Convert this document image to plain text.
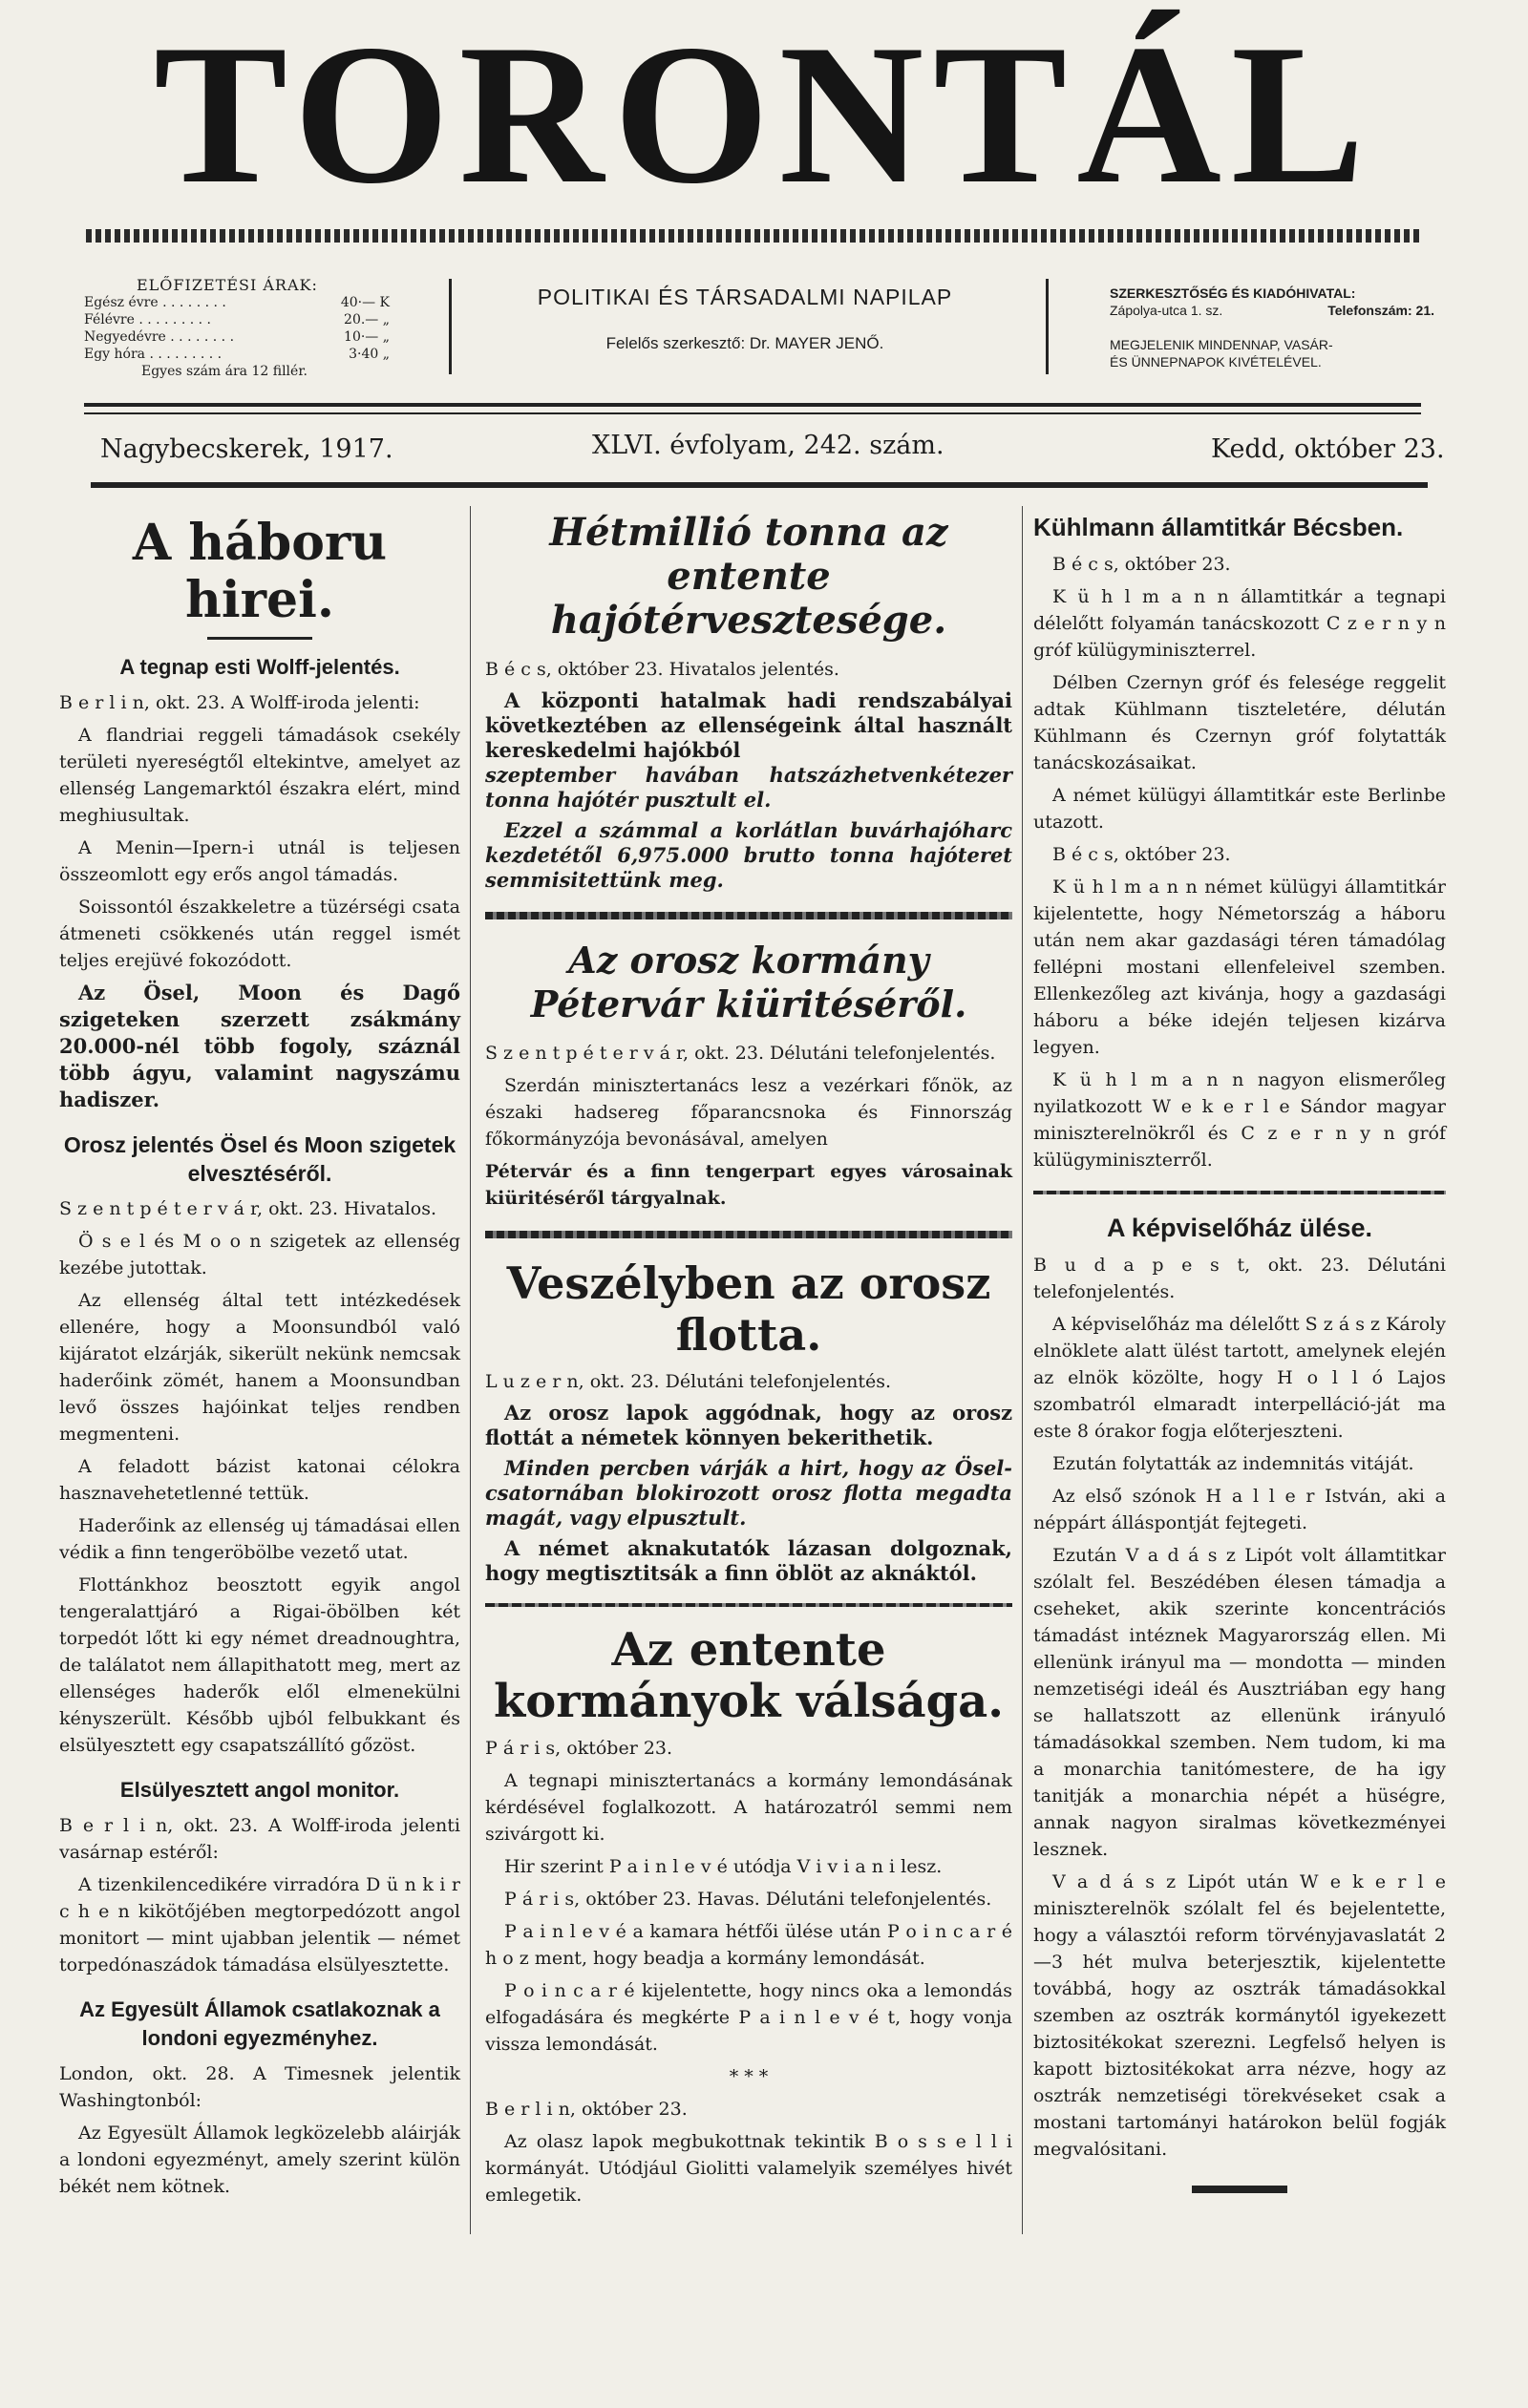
TORONTÁL
ELŐFIZETÉSI ÁRAK:
Egész évre . . . . . . . .	40·— K
Félévre . . . . . . . . .	20.— „
Negyedévre . . . . . . . .	10·— „
Egy hóra . . . . . . . . .	3·40 „
Egyes szám ára 12 fillér.
POLITIKAI ÉS TÁRSADALMI NAPILAP
Felelős szerkesztő: Dr. MAYER JENŐ.
SZERKESZTŐSÉG ÉS KIADÓHIVATAL:
Zápolya-utca 1. sz.	Telefonszám: 21.
MEGJELENIK MINDENNAP, VASÁR-
ÉS ÜNNEPNAPOK KIVÉTELÉVEL.
Nagybecskerek, 1917.	XLVI. évfolyam, 242. szám.	Kedd, október 23.
A háboru hirei.
A tegnap esti Wolff-jelentés.

B e r l i n, okt. 23. A Wolff-iroda jelenti:

A flandriai reggeli támadások csekély területi nyereségtől eltekintve, amelyet az ellenség Langemarktól északra elért, mind meghiusultak.

A Menin—Ipern-i utnál is teljesen összeomlott egy erős angol támadás.

Soissontól északkeletre a tüzérségi csata átmeneti csökkenés után reggel ismét teljes erejüvé fokozódott.

Az Ösel, Moon és Dagő szigeteken szerzett zsákmány 20.000-nél több fogoly, száznál több ágyu, valamint nagyszámu hadiszer.

Orosz jelentés Ösel és Moon szigetek elvesztéséről.

S z e n t p é t e r v á r, okt. 23. Hivatalos.

Ö s e l és M o o n szigetek az ellenség kezébe jutottak.

Az ellenség által tett intézkedések ellenére, hogy a Moonsundból való kijáratot elzárják, sikerült nekünk nemcsak haderőink zömét, hanem a Moonsundban levő összes hajóinkat teljes rendben megmenteni.

A feladott bázist katonai célokra hasznavehetetlenné tettük.

Haderőink az ellenség uj támadásai ellen védik a finn tengeröbölbe vezető utat.

Flottánkhoz beosztott egyik angol tengeralattjáró a Rigai-öbölben két torpedót lőtt ki egy német dreadnoughtra, de találatot nem állapithatott meg, mert az ellenséges haderők elől elmenekülni kényszerült. Később ujból felbukkant és elsülyesztett egy csapatszállító gőzöst.

Elsülyesztett angol monitor.

B e r l i n, okt. 23. A Wolff-iroda jelenti vasárnap estéről:

A tizenkilencedikére virradóra D ü n k i r c h e n kikötőjében megtorpedózott angol monitort — mint ujabban jelentik — német torpedónaszádok támadása elsülyesztette.

Az Egyesült Államok csatlakoznak a londoni egyezményhez.

London, okt. 28. A Timesnek jelentik Washingtonból:

Az Egyesült Államok legközelebb aláirják a londoni egyezményt, amely szerint külön békét nem kötnek.

Hétmillió tonna az entente hajótérvesztesége.

B é c s, október 23. Hivatalos jelentés.

A központi hatalmak hadi rendszabályai következtében az ellenségeink által használt kereskedelmi hajókból

szeptember havában hatszázhetvenkétezer tonna hajótér pusztult el.

Ezzel a számmal a korlátlan buvárhajóharc kezdetétől 6,975.000 brutto tonna hajóteret semmisitettünk meg.

Az orosz kormány Pétervár kiüritéséről.

S z e n t p é t e r v á r, okt. 23. Délutáni telefonjelentés.

Szerdán minisztertanács lesz a vezérkari főnök, az északi hadsereg főparancsnoka és Finnország főkormányzója bevonásával, amelyen

Pétervár és a finn tengerpart egyes városainak kiüritéséről tárgyalnak.

Veszélyben az orosz flotta.

L u z e r n, okt. 23. Délutáni telefonjelentés.

Az orosz lapok aggódnak, hogy az orosz flottát a németek könnyen bekerithetik.

Minden percben várják a hirt, hogy az Ösel-csatornában blokirozott orosz flotta megadta magát, vagy elpusztult.

A német aknakutatók lázasan dolgoznak, hogy megtisztitsák a finn öblöt az aknáktól.

Az entente kormányok válsága.

P á r i s, október 23.

A tegnapi minisztertanács a kormány lemondásának kérdésével foglalkozott. A határozatról semmi nem szivárgott ki.

Hir szerint P a i n l e v é utódja V i v i a n i lesz.

P á r i s, október 23. Havas. Délutáni telefonjelentés.

P a i n l e v é a kamara hétfői ülése után P o i n c a r é h o z ment, hogy beadja a kormány lemondását.

P o i n c a r é kijelentette, hogy nincs oka a lemondás elfogadására és megkérte P a i n l e v é t, hogy vonja vissza lemondását.

* * *

B e r l i n, október 23.

Az olasz lapok megbukottnak tekintik B o s s e l l i kormányát. Utódjául Giolitti valamelyik személyes hivét emlegetik.

Kühlmann államtitkár Bécsben.

B é c s, október 23.

K ü h l m a n n államtitkár a tegnapi délelőtt folyamán tanácskozott C z e r n y n gróf külügyminiszterrel.

Délben Czernyn gróf és felesége reggelit adtak Kühlmann tiszteletére, délután Kühlmann és Czernyn gróf folytatták tanácskozásaikat.

A német külügyi államtitkár este Berlinbe utazott.

B é c s, október 23.

K ü h l m a n n német külügyi államtitkár kijelentette, hogy Németország a háboru után nem akar gazdasági téren támadólag fellépni mostani ellenfeleivel szemben. Ellenkezőleg azt kivánja, hogy a gazdasági háboru a béke idején teljesen kizárva legyen.

K ü h l m a n n nagyon elismerőleg nyilatkozott W e k e r l e Sándor magyar miniszterelnökről és C z e r n y n gróf külügyminiszterről.

A képviselőház ülése.

B u d a p e s t, okt. 23. Délutáni telefonjelentés.

A képviselőház ma délelőtt S z á s z Károly elnöklete alatt ülést tartott, amelynek elején az elnök közölte, hogy H o l l ó Lajos szombatról elmaradt interpelláció-ját ma este 8 órakor fogja előterjeszteni.

Ezután folytatták az indemnitás vitáját.

Az első szónok H a l l e r István, aki a néppárt álláspontját fejtegeti.

Ezután V a d á s z Lipót volt államtitkar szólalt fel. Beszédében élesen támadja a cseheket, akik szerinte koncentrációs támadást intéznek Magyarország ellen. Mi ellenünk irányul ma — mondotta — minden nemzetiségi ideál és Ausztriában egy hang se hallatszott az ellenünk irányuló támadásokkal szemben. Nem tudom, ki ma a monarchia tanitómestere, de ha igy tanitják a monarchia népét a hüségre, annak nagyon siralmas következményei lesznek.

V a d á s z Lipót után W e k e r l e miniszterelnök szólalt fel és bejelentette, hogy a választói reform törvényjavaslatát 2—3 hét mulva beterjesztik, kijelentette továbbá, hogy az osztrák támadásokkal szemben az osztrák kormánytól igyekezett biztositékokat szerezni. Legfelső helyen is kapott biztositékokat arra nézve, hogy az osztrák nemzetiségi törekvéseket csak a mostani tartományi határokon belül fogják megvalósitani.
